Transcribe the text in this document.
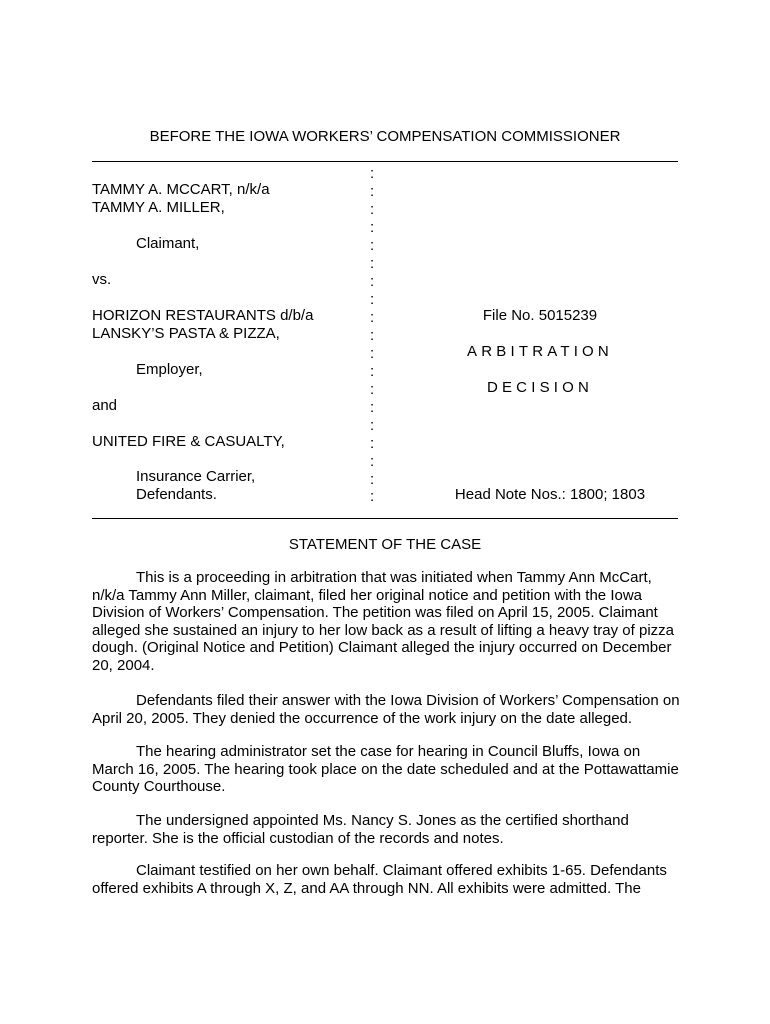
BEFORE THE IOWA WORKERS’ COMPENSATION COMMISSIONER
TAMMY A. MCCART, n/k/a
TAMMY A. MILLER,
Claimant,
vs.
HORIZON RESTAURANTS d/b/a
LANSKY’S PASTA & PIZZA,
Employer,
and
UNITED FIRE & CASUALTY,
Insurance Carrier,
Defendants.
:
:
:
:
:
:
:
:
:
:
:
:
:
:
:
:
:
:
:
File No. 5015239
ARBITRATION
DECISION
Head Note Nos.: 1800; 1803
STATEMENT OF THE CASE

This is a proceeding in arbitration that was initiated when Tammy Ann McCart, n/k/a Tammy Ann Miller, claimant, filed her original notice and petition with the Iowa Division of Workers’ Compensation. The petition was filed on April 15, 2005. Claimant alleged she sustained an injury to her low back as a result of lifting a heavy tray of pizza dough. (Original Notice and Petition) Claimant alleged the injury occurred on December 20, 2004.

Defendants filed their answer with the Iowa Division of Workers’ Compensation on April 20, 2005. They denied the occurrence of the work injury on the date alleged.

The hearing administrator set the case for hearing in Council Bluffs, Iowa on March 16, 2005. The hearing took place on the date scheduled and at the Pottawattamie County Courthouse.

The undersigned appointed Ms. Nancy S. Jones as the certified shorthand reporter. She is the official custodian of the records and notes.

Claimant testified on her own behalf. Claimant offered exhibits 1-65. Defendants offered exhibits A through X, Z, and AA through NN. All exhibits were admitted. The
